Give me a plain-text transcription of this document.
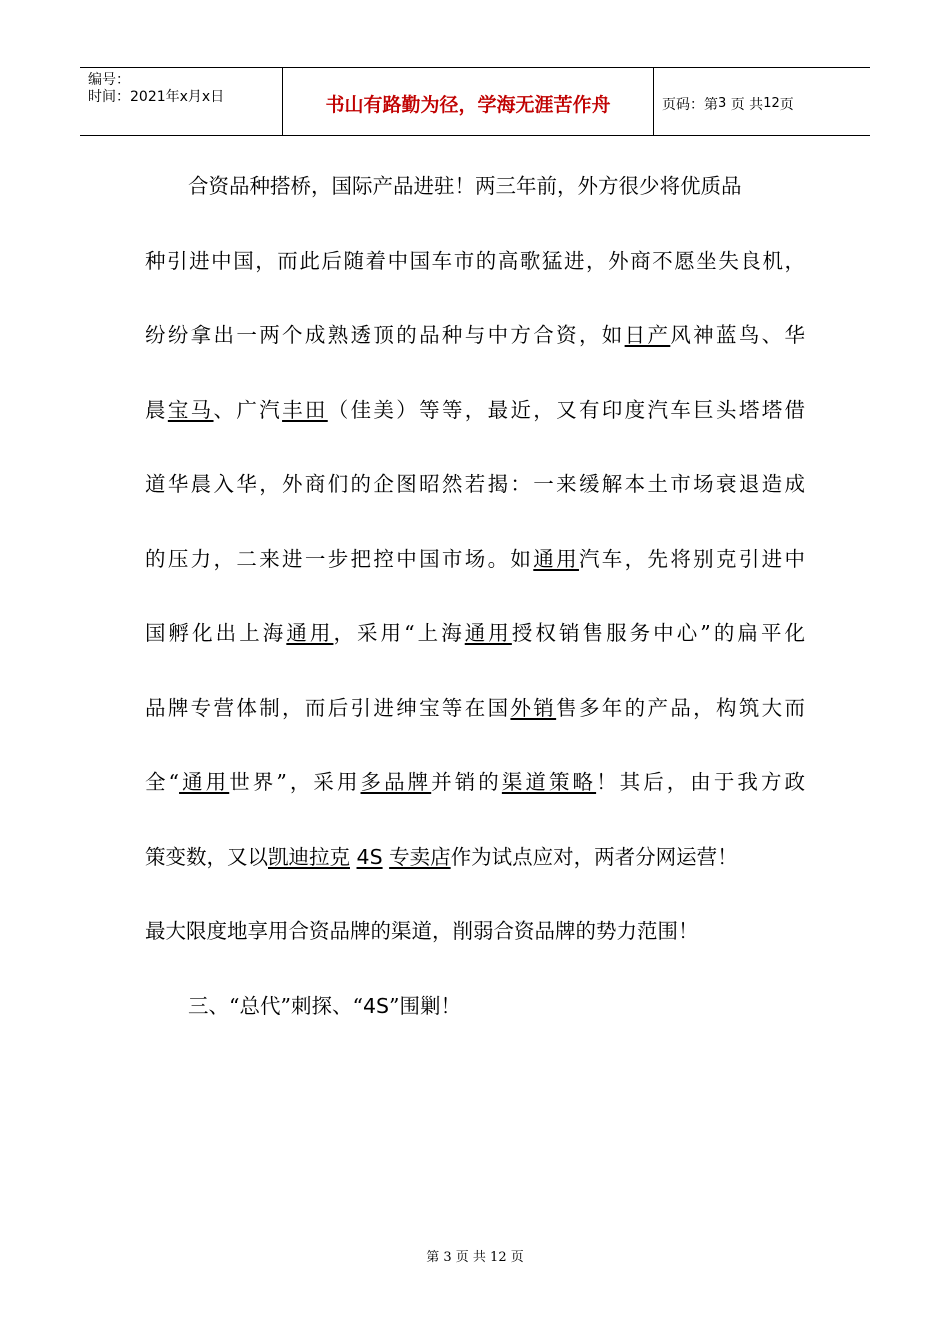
编号：
时间：2021年x月x日	书山有路勤为径，学海无涯苦作舟	页码：第 3
页 共 12 页
合资品种搭桥，国际产品进驻！两三年前，外方很少将优质品
种引进中国，而此后随着中国车市的高歌猛进，外商不愿坐失良机，
纷纷拿出一两个成熟透顶的品种与中方合资，如日产风神蓝鸟、华
晨宝马、广汽丰田（佳美）等等，最近，又有印度汽车巨头塔塔借
道华晨入华，外商们的企图昭然若揭：一来缓解本土市场衰退造成
的压力，二来进一步把控中国市场。如通用汽车，先将别克引进中
国孵化出上海通用，采用“上海通用授权销售服务中心”的扁平化
品牌专营体制，而后引进绅宝等在国外销售多年的产品，构筑大而
全“通用世界”，采用多品牌并销的渠道策略！其后，由于我方政
策变数，又以凯迪拉克 4S 专卖店作为试点应对，两者分网运营！
最大限度地享用合资品牌的渠道，削弱合资品牌的势力范围！
三、“总代”刺探、“4S”围剿！
第 3 页 共 12 页
